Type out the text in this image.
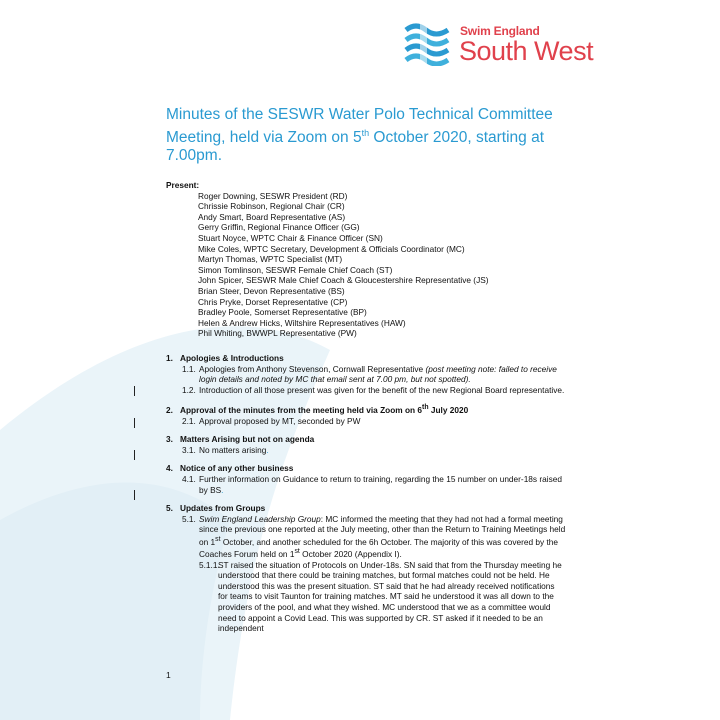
Swim England
South West
Minutes of the SESWR Water Polo Technical Committee
Meeting, held via Zoom on 5th October 2020, starting at
7.00pm.
Present:
Roger Downing, SESWR President (RD)
Chrissie Robinson, Regional Chair (CR)
Andy Smart, Board Representative (AS)
Gerry Griffin, Regional Finance Officer (GG)
Stuart Noyce, WPTC Chair & Finance Officer (SN)
Mike Coles, WPTC Secretary, Development & Officials Coordinator (MC)
Martyn Thomas, WPTC Specialist (MT)
Simon Tomlinson, SESWR Female Chief Coach (ST)
John Spicer, SESWR Male Chief Coach & Gloucestershire Representative (JS)
Brian Steer, Devon Representative (BS)
Chris Pryke, Dorset Representative (CP)
Bradley Poole, Somerset Representative (BP)
Helen & Andrew Hicks, Wiltshire Representatives (HAW)
Phil Whiting, BWWPL Representative (PW)
1. Apologies & Introductions
1.1. Apologies from Anthony Stevenson, Cornwall Representative (post meeting note: failed to receive login details and noted by MC that email sent at 7.00 pm, but not spotted).
1.2. Introduction of all those present was given for the benefit of the new Regional Board representative.
2. Approval of the minutes from the meeting held via Zoom on 6th July 2020
2.1. Approval proposed by MT, seconded by PW
3. Matters Arising but not on agenda
3.1. No matters arising.
4. Notice of any other business
4.1. Further information on Guidance to return to training, regarding the 15 number on under-18s raised by BS.
5. Updates from Groups
5.1. Swim England Leadership Group: MC informed the meeting that they had not had a formal meeting since the previous one reported at the July meeting, other than the Return to Training Meetings held on 1st October, and another scheduled for the 6h October. The majority of this was covered by the Coaches Forum held on 1st October 2020 (Appendix I).
5.1.1.
ST raised the situation of Protocols on Under-18s. SN said that from the Thursday meeting he understood that there could be training matches, but formal matches could not be held. He understood this was the present situation. ST said that he had already received notifications for teams to visit Taunton for training matches. MT said he understood it was all down to the providers of the pool, and what they wished. MC understood that we as a committee would need to appoint a Covid Lead. This was supported by CR. ST asked if it needed to be an independent
1
